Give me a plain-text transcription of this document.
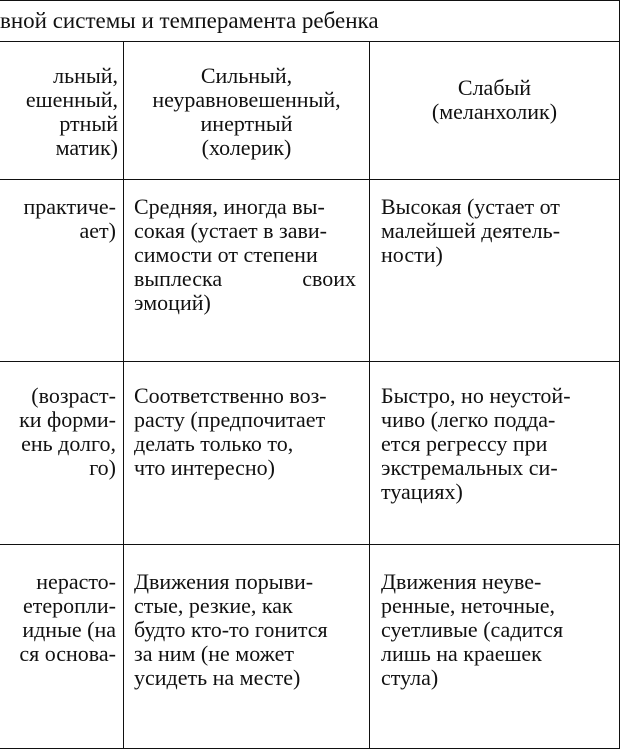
вной системы и темперамента ребенка
льный,
ешенный,
ртный
матик)
Сильный,
неуравновешенный,
инертный
(холерик)
Слабый
(меланхолик)
практиче-
ает)
Средняя, иногда вы-
сокая (устает в зави-
симости от степени
выплеска	своих
эмоций)
Высокая (устает от
малейшей деятель-
ности)
(возраст-
ки форми-
ень долго,
го)
Соответственно воз-
расту (предпочитает
делать только то,
что интересно)
Быстро, но неустой-
чиво (легко подда-
ется регрессу при
экстремальных си-
туациях)
нерасто-
етеропли-
идные (на
ся основа-
Движения порыви-
стые, резкие, как
будто кто-то гонится
за ним (не может
усидеть на месте)
Движения неуве-
ренные, неточные,
суетливые (садится
лишь на краешек
стула)
